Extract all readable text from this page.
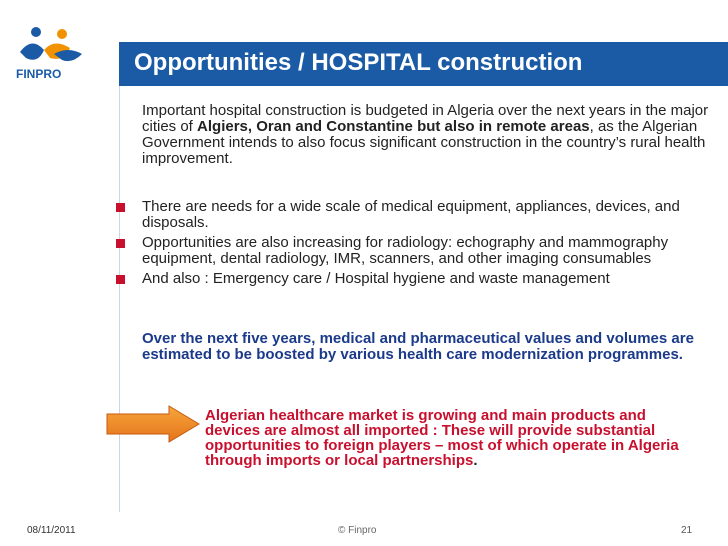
FINPRO	Opportunities / HOSPITAL construction
Important hospital construction is budgeted in Algeria over the next years in the major cities of Algiers, Oran and Constantine but also in remote areas, as the Algerian Government intends to also focus significant construction in the country’s rural health improvement.
There are needs for a wide scale of medical equipment, appliances, devices, and disposals.
Opportunities are also increasing for radiology: echography and mammography equipment, dental radiology, IMR, scanners, and other imaging consumables
And also : Emergency care / Hospital hygiene and waste management
Over the next five years, medical and pharmaceutical values and volumes are estimated to be boosted by various health care modernization programmes.
Algerian healthcare market is growing and main products and devices are almost all imported : These will provide substantial opportunities to foreign players – most of which operate in Algeria through imports or local partnerships.
08/11/2011	© Finpro	21
